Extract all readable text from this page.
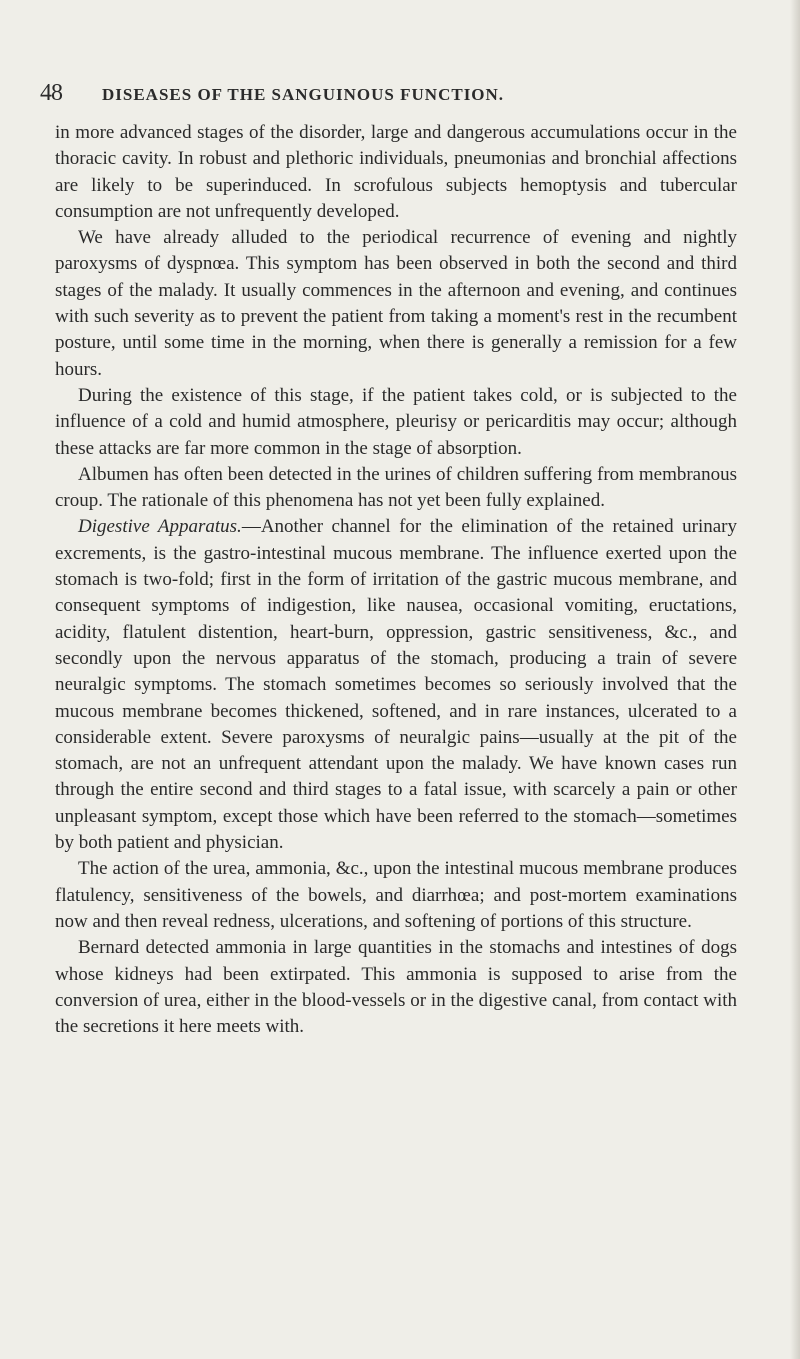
48 DISEASES OF THE SANGUINOUS FUNCTION.

in more advanced stages of the disorder, large and dangerous accumulations occur in the thoracic cavity. In robust and plethoric individuals, pneumonias and bronchial affections are likely to be superinduced. In scrofulous subjects hemoptysis and tubercular consumption are not unfrequently developed.

We have already alluded to the periodical recurrence of evening and nightly paroxysms of dyspnœa. This symptom has been observed in both the second and third stages of the malady. It usually commences in the afternoon and evening, and continues with such severity as to prevent the patient from taking a moment's rest in the recumbent posture, until some time in the morning, when there is generally a remission for a few hours.

During the existence of this stage, if the patient takes cold, or is subjected to the influence of a cold and humid atmosphere, pleurisy or pericarditis may occur; although these attacks are far more common in the stage of absorption.

Albumen has often been detected in the urines of children suffering from membranous croup. The rationale of this phenomena has not yet been fully explained.

Digestive Apparatus.—Another channel for the elimination of the retained urinary excrements, is the gastro-intestinal mucous membrane. The influence exerted upon the stomach is two-fold; first in the form of irritation of the gastric mucous membrane, and consequent symptoms of indigestion, like nausea, occasional vomiting, eructations, acidity, flatulent distention, heart-burn, oppression, gastric sensitiveness, &c., and secondly upon the nervous apparatus of the stomach, producing a train of severe neuralgic symptoms. The stomach sometimes becomes so seriously involved that the mucous membrane becomes thickened, softened, and in rare instances, ulcerated to a considerable extent. Severe paroxysms of neuralgic pains—usually at the pit of the stomach, are not an unfrequent attendant upon the malady. We have known cases run through the entire second and third stages to a fatal issue, with scarcely a pain or other unpleasant symptom, except those which have been referred to the stomach—sometimes by both patient and physician.

The action of the urea, ammonia, &c., upon the intestinal mucous membrane produces flatulency, sensitiveness of the bowels, and diarrhœa; and post-mortem examinations now and then reveal redness, ulcerations, and softening of portions of this structure.

Bernard detected ammonia in large quantities in the stomachs and intestines of dogs whose kidneys had been extirpated. This ammonia is supposed to arise from the conversion of urea, either in the blood-vessels or in the digestive canal, from contact with the secretions it here meets with.
